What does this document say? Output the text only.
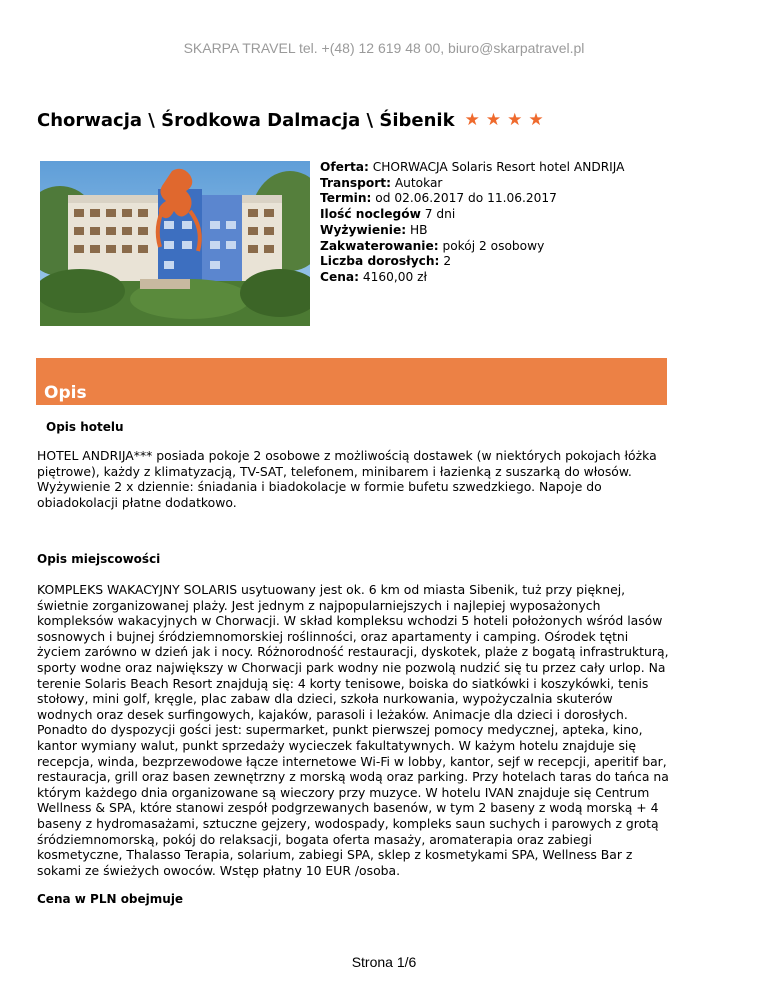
SKARPA TRAVEL tel. +(48) 12 619 48 00, biuro@skarpatravel.pl
Chorwacja \ Środkowa Dalmacja \ Śibenik ★ ★ ★ ★
Oferta: CHORWACJA Solaris Resort hotel ANDRIJA
Transport: Autokar
Termin: od 02.06.2017 do 11.06.2017
Ilość noclegów 7 dni
Wyżywienie: HB
Zakwaterowanie: pokój 2 osobowy
Liczba dorosłych: 2
Cena: 4160,00 zł
Opis
Opis hotelu
HOTEL ANDRIJA*** posiada pokoje 2 osobowe z możliwością dostawek (w niektórych pokojach łóżka piętrowe), każdy z klimatyzacją, TV-SAT, telefonem, minibarem i łazienką z suszarką do włosów. Wyżywienie 2 x dziennie: śniadania i biadokolacje w formie bufetu szwedzkiego. Napoje do obiadokolacji płatne dodatkowo.
Opis miejscowości
KOMPLEKS WAKACYJNY SOLARIS usytuowany jest ok. 6 km od miasta Sibenik, tuż przy pięknej, świetnie zorganizowanej plaży. Jest jednym z najpopularniejszych i najlepiej wyposażonych kompleksów wakacyjnych w Chorwacji. W skład kompleksu wchodzi 5 hoteli położonych wśród lasów sosnowych i bujnej śródziemnomorskiej roślinności, oraz apartamenty i camping. Ośrodek tętni życiem zarówno w dzień jak i nocy. Różnorodność restauracji, dyskotek, plaże z bogatą infrastrukturą, sporty wodne oraz największy w Chorwacji park wodny nie pozwolą nudzić się tu przez cały urlop. Na terenie Solaris Beach Resort znajdują się: 4 korty tenisowe, boiska do siatkówki i koszykówki, tenis stołowy, mini golf, kręgle, plac zabaw dla dzieci, szkoła nurkowania, wypożyczalnia skuterów wodnych oraz desek surfingowych, kajaków, parasoli i leżaków. Animacje dla dzieci i dorosłych. Ponadto do dyspozycji gości jest: supermarket, punkt pierwszej pomocy medycznej, apteka, kino, kantor wymiany walut, punkt sprzedaży wycieczek fakultatywnych. W każym hotelu znajduje się recepcja, winda, bezprzewodowe łącze internetowe Wi-Fi w lobby, kantor, sejf w recepcji, aperitif bar, restauracja, grill oraz basen zewnętrzny z morską wodą oraz parking. Przy hotelach taras do tańca na którym każdego dnia organizowane są wieczory przy muzyce. W hotelu IVAN znajduje się Centrum Wellness & SPA, które stanowi zespół podgrzewanych basenów, w tym 2 baseny z wodą morską + 4 baseny z hydromasażami, sztuczne gejzery, wodospady, kompleks saun suchych i parowych z grotą śródziemnomorską, pokój do relaksacji, bogata oferta masaży, aromaterapia oraz zabiegi kosmetyczne, Thalasso Terapia, solarium, zabiegi SPA, sklep z kosmetykami SPA, Wellness Bar z sokami ze świeżych owoców. Wstęp płatny 10 EUR /osoba.
Cena w PLN obejmuje
Strona 1/6
